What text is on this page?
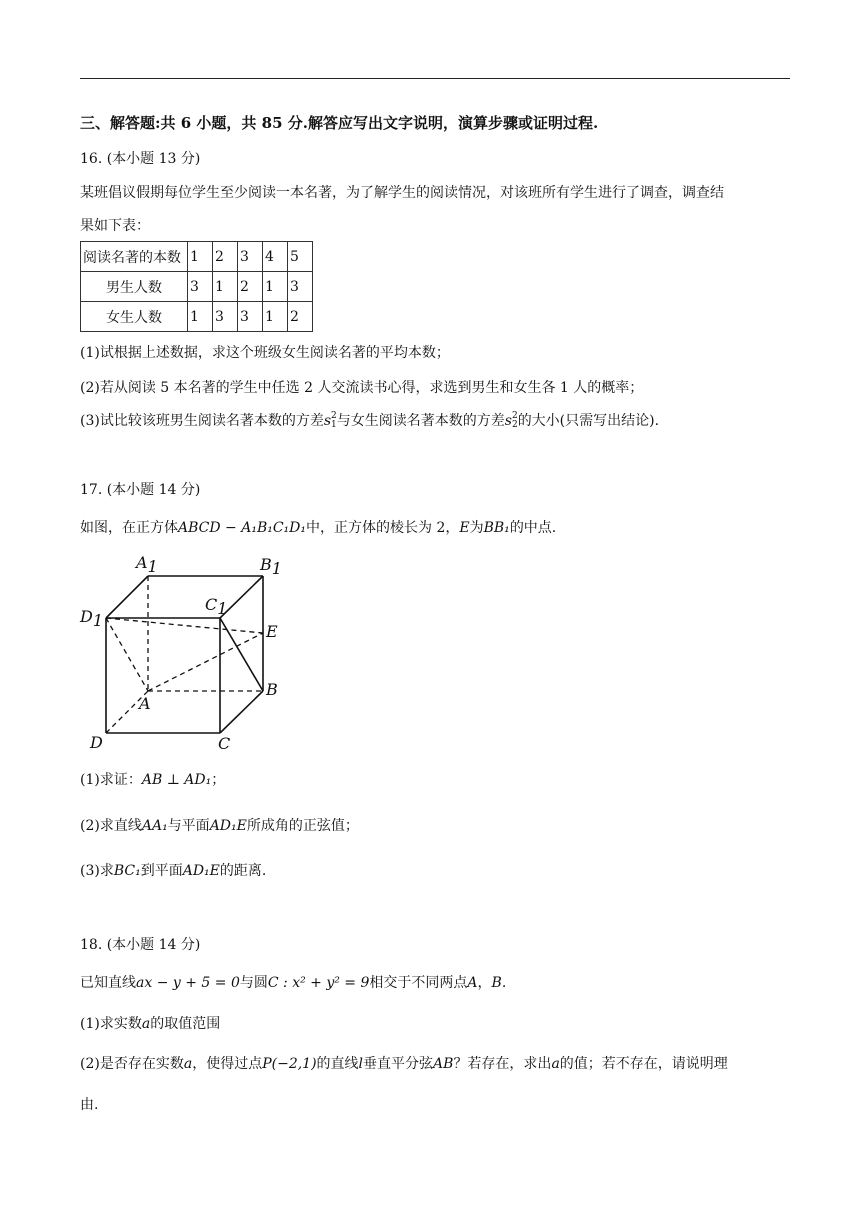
三、解答题:共 6 小题，共 85 分.解答应写出文字说明，演算步骤或证明过程.
16. (本小题 13 分)
某班倡议假期每位学生至少阅读一本名著，为了解学生的阅读情况，对该班所有学生进行了调查，调查结
果如下表：
阅读名著的本数	1	2	3	4	5
男生人数	3	1	2	1	3
女生人数	1	3	3	1	2
(1)试根据上述数据，求这个班级女生阅读名著的平均本数；
(2)若从阅读 5 本名著的学生中任选 2 人交流读书心得，求选到男生和女生各 1 人的概率；
(3)试比较该班男生阅读名著本数的方差s 2
1 与女生阅读名著本数的方差s 2
2 的大小(只需写出结论).
17. (本小题 14 分)
如图，在正方体ABCD − A₁B₁C₁D₁中，正方体的棱长为 2，E为BB₁的中点.
A1	B1
C1
D1
E
B
A
D	C
(1)求证：AB ⊥ AD₁；
(2)求直线AA₁与平面AD₁E所成角的正弦值；
(3)求BC₁到平面AD₁E的距离.
18. (本小题 14 分)
已知直线ax − y + 5 = 0与圆C : x² + y² = 9相交于不同两点A，B.
(1)求实数a的取值范围
(2)是否存在实数a，使得过点P(−2,1)的直线l垂直平分弦AB？若存在，求出a的值；若不存在，请说明理
由.
